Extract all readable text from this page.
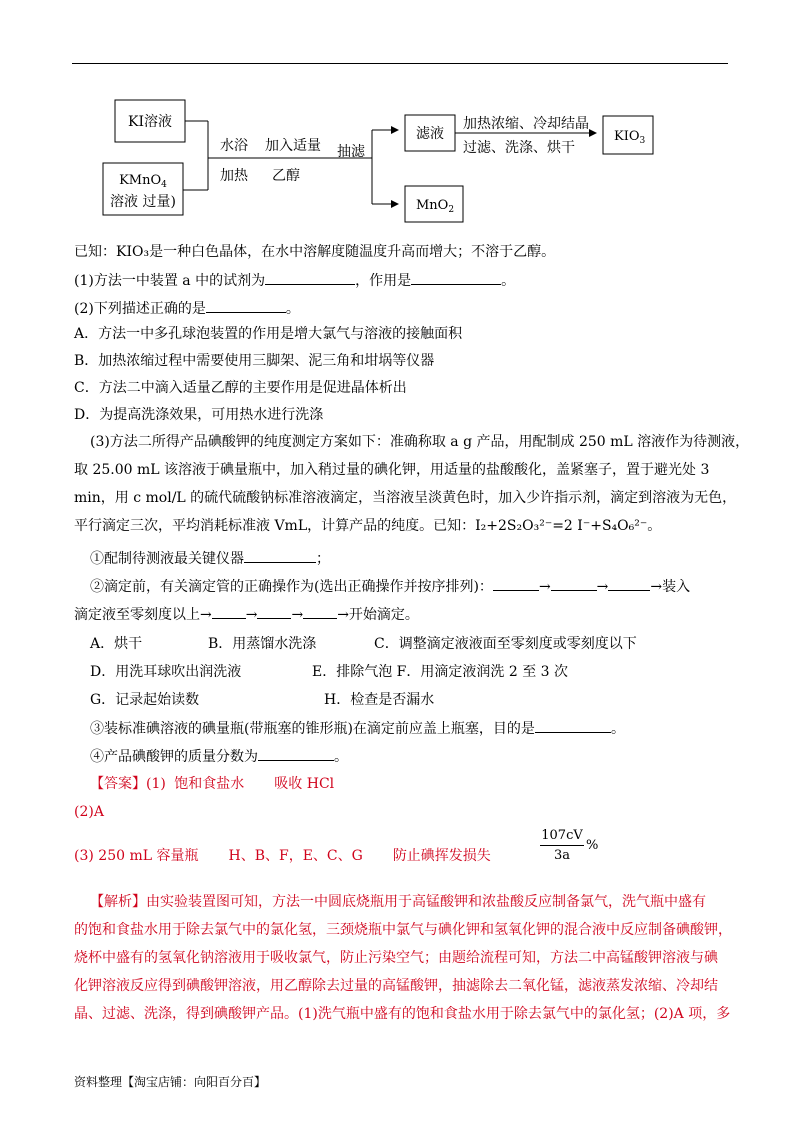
KI溶液
KMnO$_4$
溶液 过量)
水浴
加热
加入适量
乙醇
抽滤
滤液
加热浓缩、冷却结晶
过滤、洗涤、烘干
$KIO_3$
MnO$_2$
已知：KIO₃是一种白色晶体，在水中溶解度随温度升高而增大；不溶于乙醇。
(1)方法一中装置 a 中的试剂为	，作用是	。
(2)下列描述正确的是	。
A．方法一中多孔球泡装置的作用是增大氯气与溶液的接触面积
B．加热浓缩过程中需要使用三脚架、泥三角和坩埚等仪器
C．方法二中滴入适量乙醇的主要作用是促进晶体析出
D．为提高洗涤效果，可用热水进行洗涤
(3)方法二所得产品碘酸钾的纯度测定方案如下：准确称取 a g 产品，用配制成 250 mL 溶液作为待测液，
取 25.00 mL 该溶液于碘量瓶中，加入稍过量的碘化钾，用适量的盐酸酸化，盖紧塞子，置于避光处 3
min，用 c mol/L 的硫代硫酸钠标准溶液滴定，当溶液呈淡黄色时，加入少许指示剂，滴定到溶液为无色，
平行滴定三次，平均消耗标准液 VmL，计算产品的纯度。已知：I₂+2S₂O₃²⁻=2 I⁻+S₄O₆²⁻。
①配制待测液最关键仪器	；
②滴定前，有关滴定管的正确操作为(选出正确操作并按序排列)：	→	→	→装入
滴定液至零刻度以上→ → → →开始滴定。
A．烘干	B．用蒸馏水洗涤	C．调整滴定液液面至零刻度或零刻度以下
D．用洗耳球吹出润洗液	E．排除气泡 F．用滴定液润洗 2 至 3 次
G．记录起始读数	H．检查是否漏水
③装标准碘溶液的碘量瓶(带瓶塞的锥形瓶)在滴定前应盖上瓶塞，目的是	。
④产品碘酸钾的质量分数为	。
【答案】(1) 饱和食盐水 吸收 HCl
(2)A
(3) 250 mL 容量瓶 H、B、F，E、C、G 防止碘挥发损失	$\frac{107cV}{3a}$ %
【解析】由实验装置图可知，方法一中圆底烧瓶用于高锰酸钾和浓盐酸反应制备氯气，洗气瓶中盛有
的饱和食盐水用于除去氯气中的氯化氢，三颈烧瓶中氯气与碘化钾和氢氧化钾的混合液中反应制备碘酸钾，
烧杯中盛有的氢氧化钠溶液用于吸收氯气，防止污染空气；由题给流程可知，方法二中高锰酸钾溶液与碘
化钾溶液反应得到碘酸钾溶液，用乙醇除去过量的高锰酸钾，抽滤除去二氧化锰，滤液蒸发浓缩、冷却结
晶、过滤、洗涤，得到碘酸钾产品。(1)洗气瓶中盛有的饱和食盐水用于除去氯气中的氯化氢；(2)A 项，多
资料整理【淘宝店铺：向阳百分百】
